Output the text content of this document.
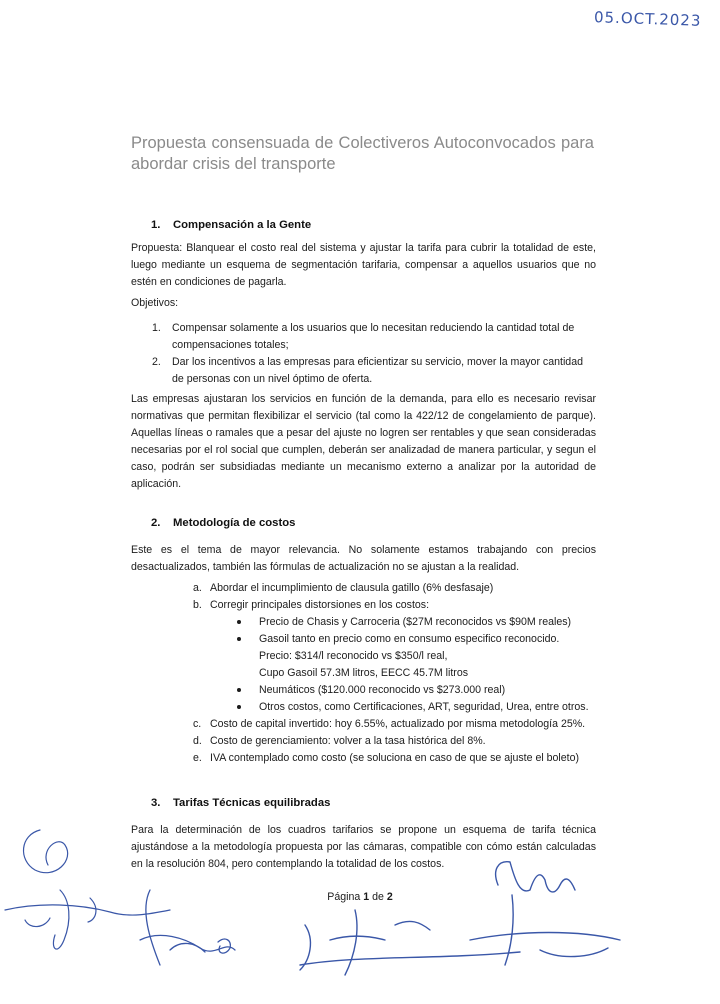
05.OCT.2023
Propuesta consensuada de Colectiveros Autoconvocados para abordar crisis del transporte
1. Compensación a la Gente

Propuesta: Blanquear el costo real del sistema y ajustar la tarifa para cubrir la totalidad de este, luego mediante un esquema de segmentación tarifaria, compensar a aquellos usuarios que no estén en condiciones de pagarla.

Objetivos:

1. Compensar solamente a los usuarios que lo necesitan reduciendo la cantidad total de compensaciones totales;
2. Dar los incentivos a las empresas para eficientizar su servicio, mover la mayor cantidad de personas con un nivel óptimo de oferta.

Las empresas ajustaran los servicios en función de la demanda, para ello es necesario revisar normativas que permitan flexibilizar el servicio (tal como la 422/12 de congelamiento de parque). Aquellas líneas o ramales que a pesar del ajuste no logren ser rentables y que sean consideradas necesarias por el rol social que cumplen, deberán ser analizadad de manera particular, y segun el caso, podrán ser subsidiadas mediante un mecanismo externo a analizar por la autoridad de aplicación.

2. Metodología de costos

Este es el tema de mayor relevancia. No solamente estamos trabajando con precios desactualizados, también las fórmulas de actualización no se ajustan a la realidad.

a. Abordar el incumplimiento de clausula gatillo (6% desfasaje)
b. Corregir principales distorsiones en los costos:
Precio de Chasis y Carroceria ($27M reconocidos vs $90M reales)
Gasoil tanto en precio como en consumo especifico reconocido.
Precio: $314/l reconocido vs $350/l real,
Cupo Gasoil 57.3M litros, EECC 45.7M litros
Neumáticos ($120.000 reconocido vs $273.000 real)
Otros costos, como Certificaciones, ART, seguridad, Urea, entre otros.
c. Costo de capital invertido: hoy 6.55%, actualizado por misma metodología 25%.
d. Costo de gerenciamiento: volver a la tasa histórica del 8%.
e. IVA contemplado como costo (se soluciona en caso de que se ajuste el boleto)
3. Tarifas Técnicas equilibradas

Para la determinación de los cuadros tarifarios se propone un esquema de tarifa técnica ajustándose a la metodología propuesta por las cámaras, compatible con cómo están calculadas en la resolución 804, pero contemplando la totalidad de los costos.

Página 1 de 2
